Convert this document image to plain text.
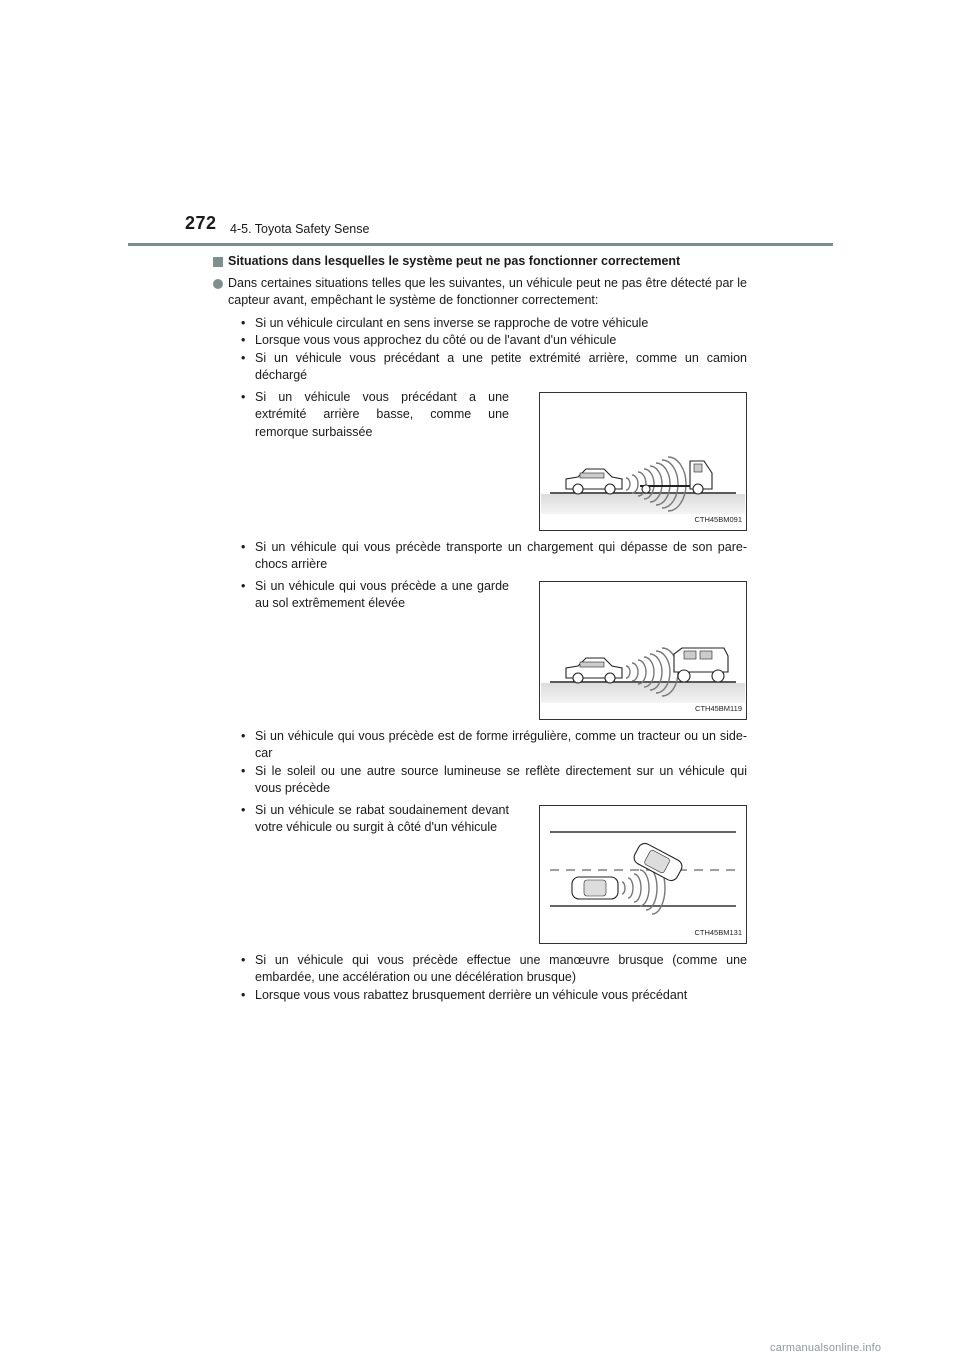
272 4-5. Toyota Safety Sense
Situations dans lesquelles le système peut ne pas fonctionner correctement
Dans certaines situations telles que les suivantes, un véhicule peut ne pas être détecté par le capteur avant, empêchant le système de fonctionner correctement:
• Si un véhicule circulant en sens inverse se rapproche de votre véhicule
• Lorsque vous vous approchez du côté ou de l'avant d'un véhicule
• Si un véhicule vous précédant a une petite extrémité arrière, comme un camion déchargé
• Si un véhicule vous précédant a une extrémité arrière basse, comme une remorque surbaissée
CTH45BM091
• Si un véhicule qui vous précède transporte un chargement qui dépasse de son pare-chocs arrière
• Si un véhicule qui vous précède a une garde au sol extrêmement élevée
CTH45BM119
• Si un véhicule qui vous précède est de forme irrégulière, comme un tracteur ou un side-car
• Si le soleil ou une autre source lumineuse se reflète directement sur un véhicule qui vous précède
• Si un véhicule se rabat soudainement devant votre véhicule ou surgit à côté d'un véhicule
CTH45BM131
• Si un véhicule qui vous précède effectue une manœuvre brusque (comme une embardée, une accélération ou une décélération brusque)
• Lorsque vous vous rabattez brusquement derrière un véhicule vous précédant
carmanualsonline.info
